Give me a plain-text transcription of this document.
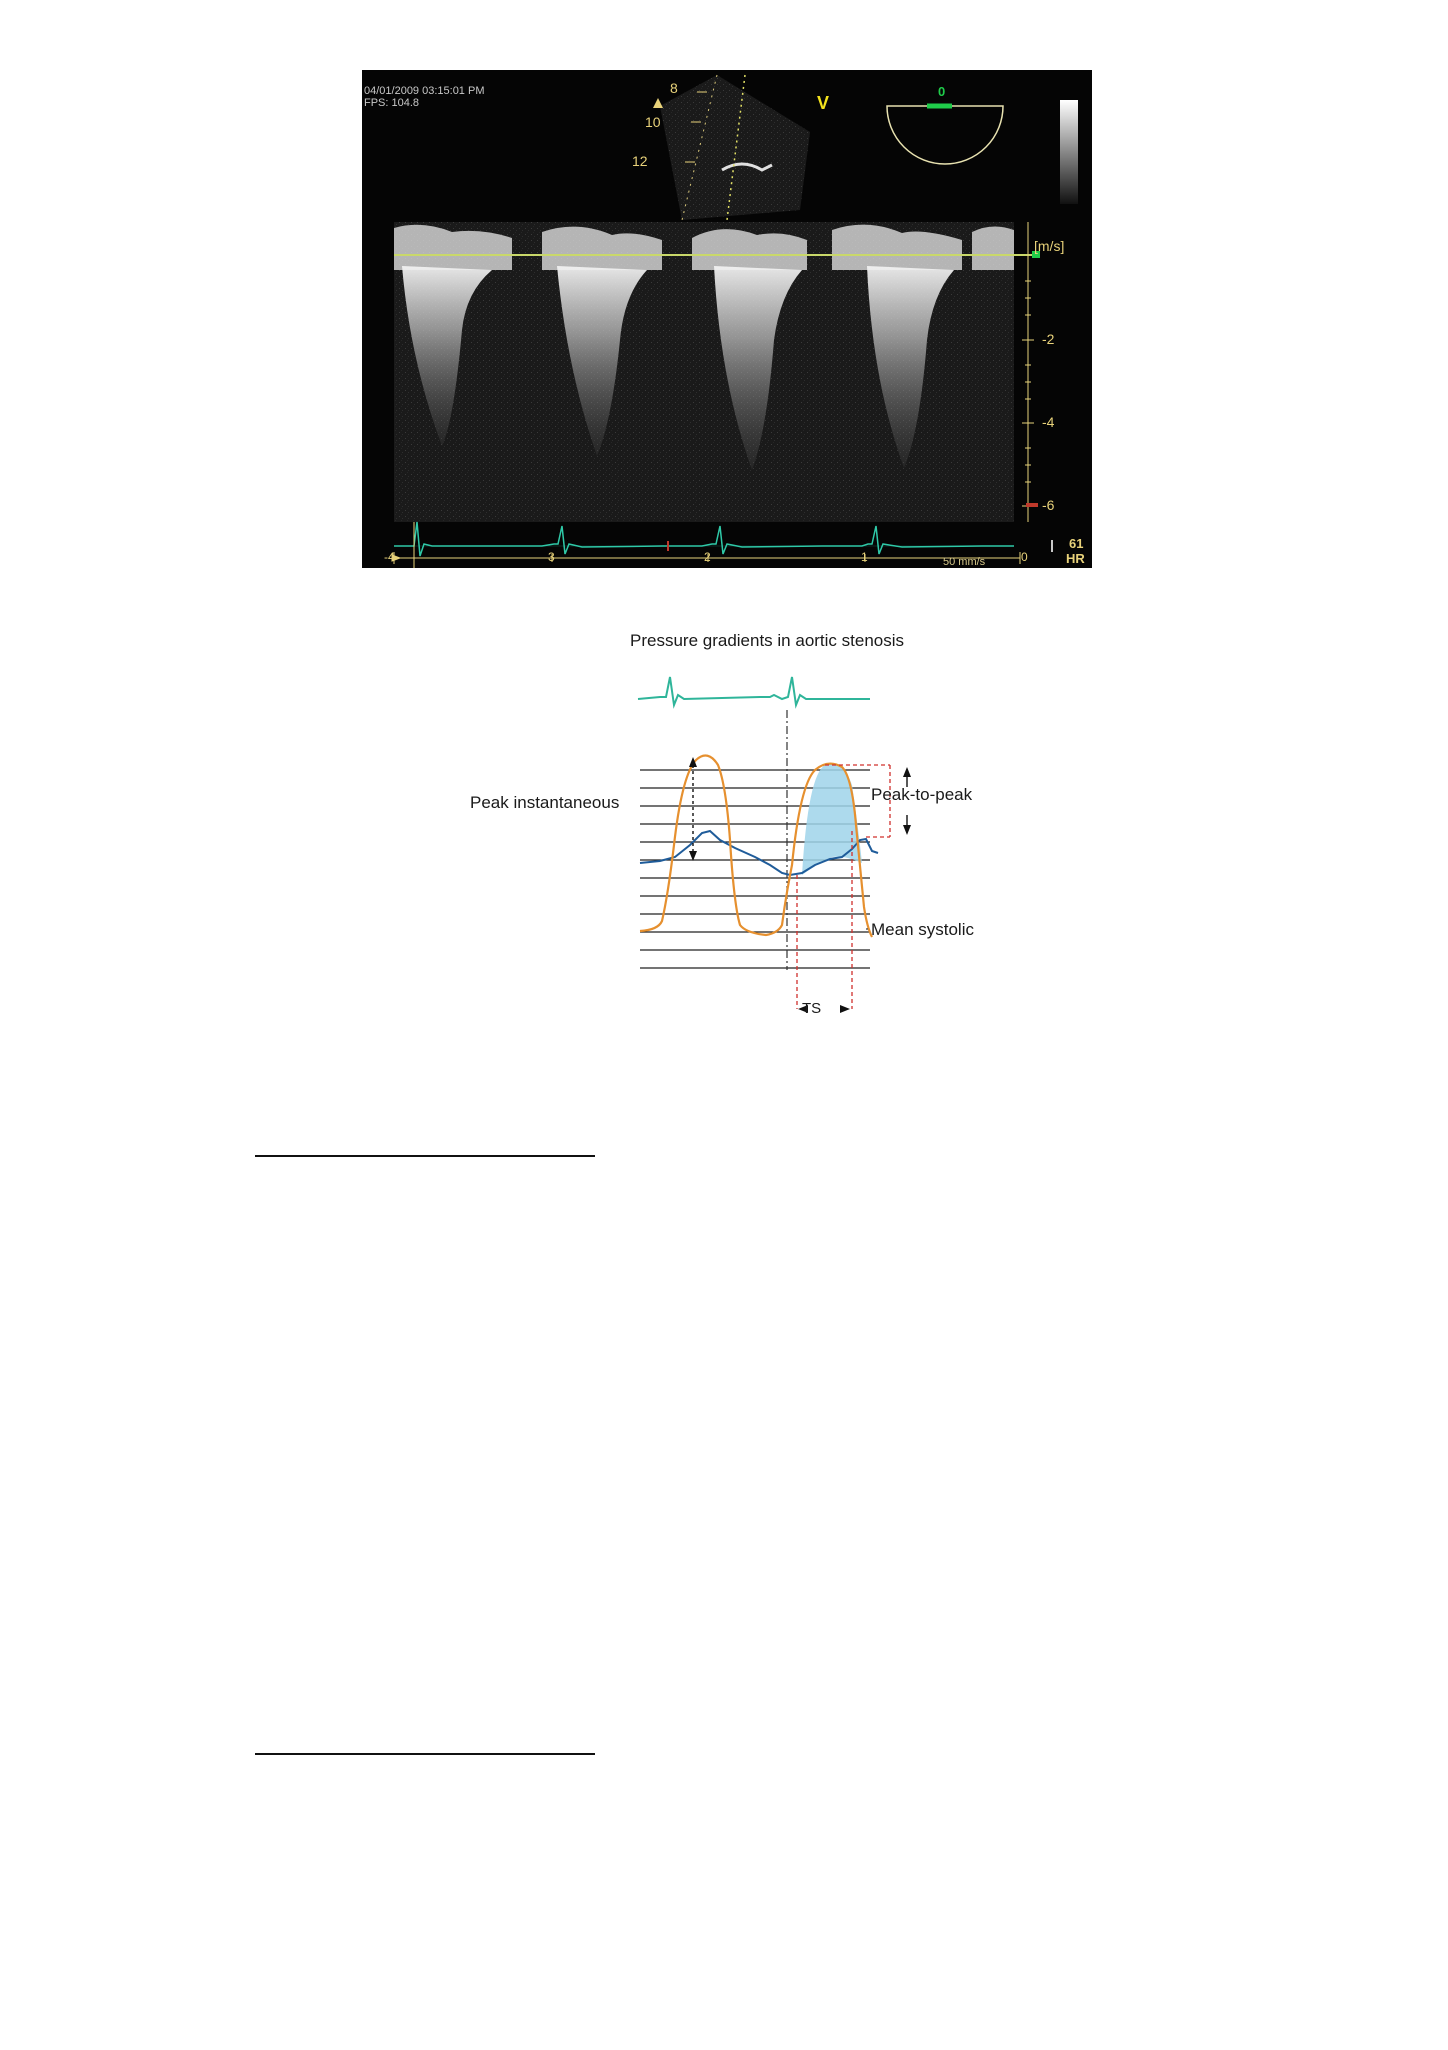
04/01/2009 03:15:01 PM
FPS: 104.8
8
10
12
V
0
[m/s]
-2
-4
-6
-4	-3	-2	-1	0
50 mm/s
61
HR
Pressure gradients in aortic stenosis
Peak instantaneous	Peak-to-peak
Mean systolic
TS
